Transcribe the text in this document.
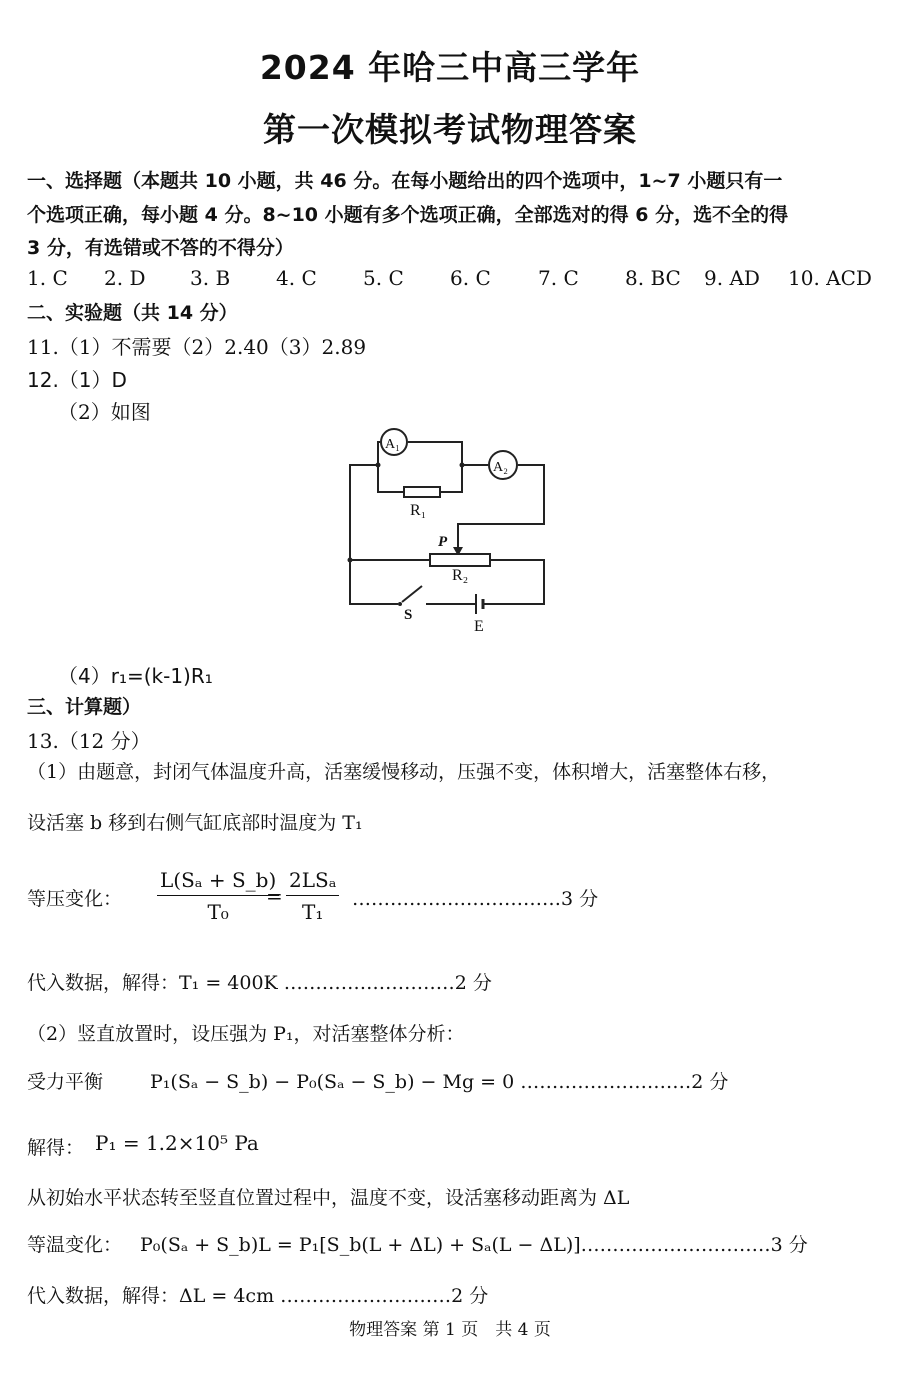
2024 年哈三中高三学年
第一次模拟考试物理答案
一、选择题（本题共 10 小题，共 46 分。在每小题给出的四个选项中，1~7 小题只有一
个选项正确，每小题 4 分。8~10 小题有多个选项正确，全部选对的得 6 分，选不全的得
3 分，有选错或不答的不得分）
1. C 2. D 3. B 4. C 5. C 6. C 7. C 8. BC 9. AD 10. ACD
二、实验题（共 14 分）
11.（1）不需要（2）2.40（3）2.89
12.（1）D
（2）如图
A₁
A₂
R₁
R₂
P
E
S
（4）r₁=(k-1)R₁
三、计算题）
13.（12 分）
（1）由题意，封闭气体温度升高，活塞缓慢移动，压强不变，体积增大，活塞整体右移，
设活塞 b 移到右侧气缸底部时温度为 T₁
等压变化： $\frac{\text{L(Sₐ + S\_b)}}{\text{T₀}}$
=
2LSₐ
T₁
……………………………3 分
代入数据，解得：T₁ = 400K ………………………2 分
（2）竖直放置时，设压强为 P₁，对活塞整体分析：
受力平衡 P₁(Sₐ − S_b) − P₀(Sₐ − S_b) − Mg = 0 ………………………2 分
解得： P₁ = 1.2×10⁵ Pa
从初始水平状态转至竖直位置过程中，温度不变，设活塞移动距离为 ΔL
等温变化： P₀(Sₐ + S_b)L = P₁[S_b(L + ΔL) + Sₐ(L − ΔL)]…………………………3 分
代入数据，解得：ΔL = 4cm ………………………2 分
物理答案 第 1 页　共 4 页
